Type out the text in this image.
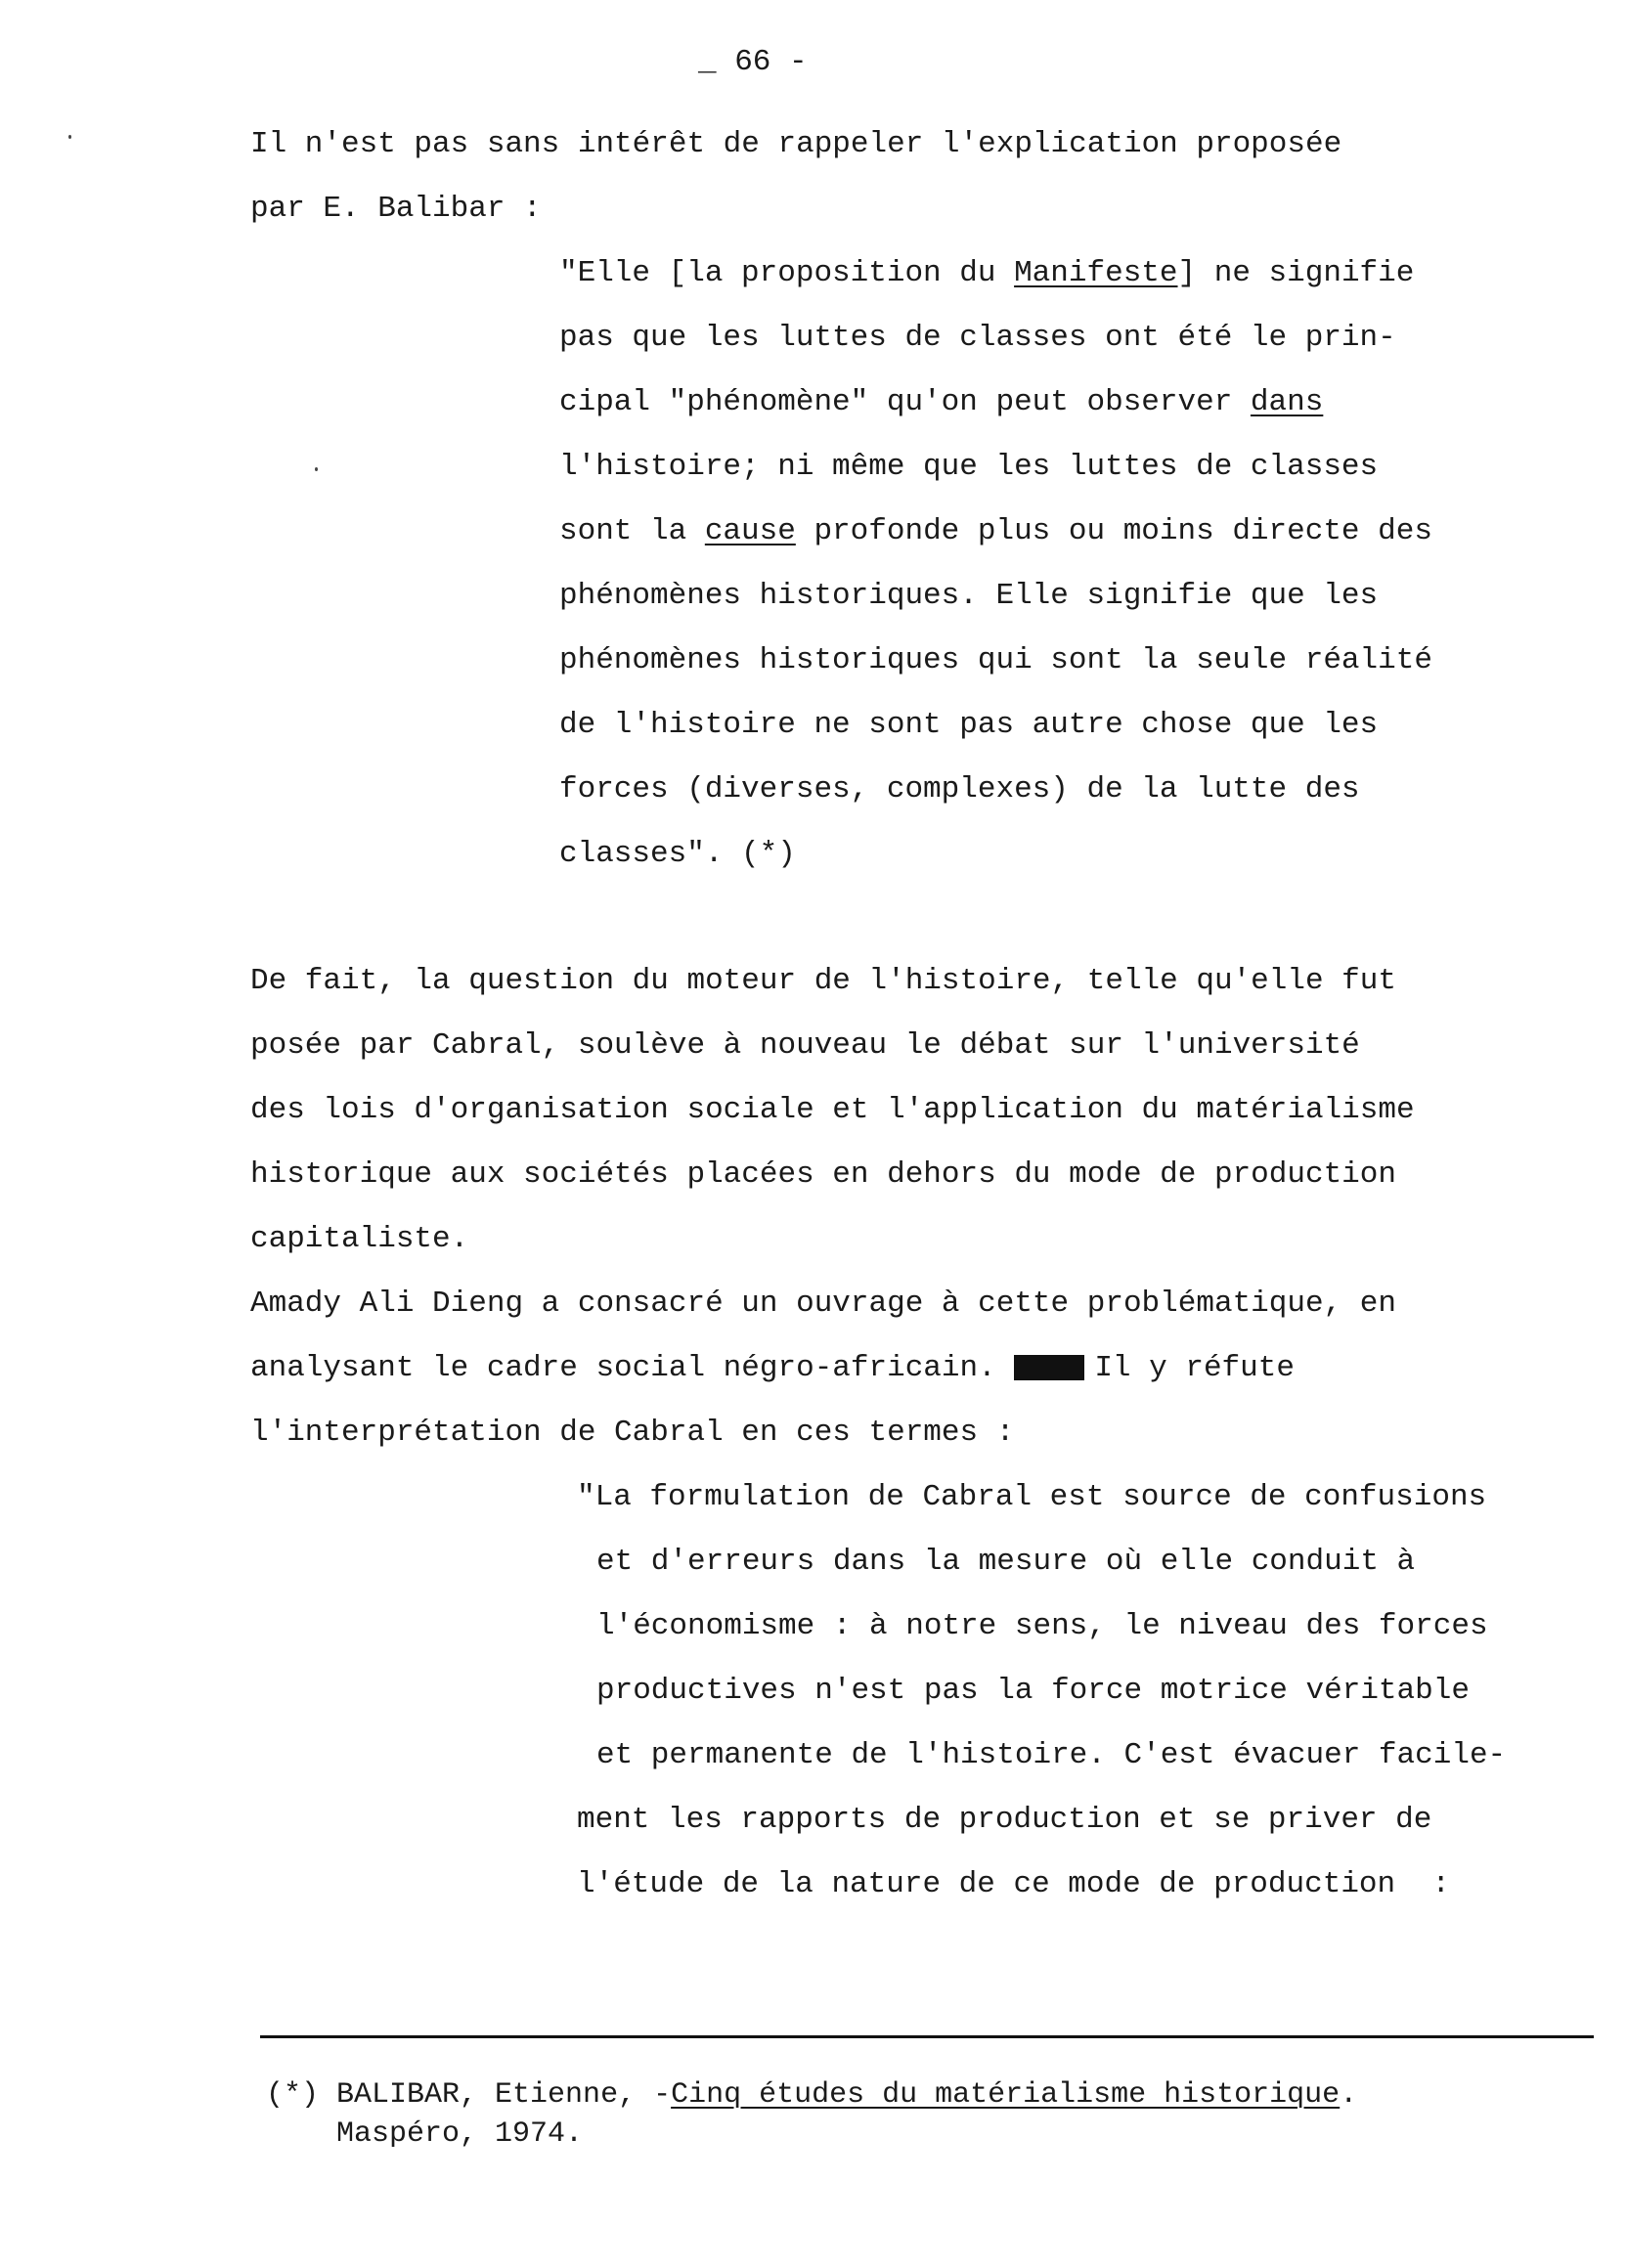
_ 66 -
Il n'est pas sans intérêt de rappeler l'explication proposée
par E. Balibar :
"Elle [la proposition du Manifeste] ne signifie
pas que les luttes de classes ont été le prin-
cipal "phénomène" qu'on peut observer dans
l'histoire; ni même que les luttes de classes
sont la cause profonde plus ou moins directe des
phénomènes historiques. Elle signifie que les
phénomènes historiques qui sont la seule réalité
de l'histoire ne sont pas autre chose que les
forces (diverses, complexes) de la lutte des
classes". (*)
De fait, la question du moteur de l'histoire, telle qu'elle fut
posée par Cabral, soulève à nouveau le débat sur l'université
des lois d'organisation sociale et l'application du matérialisme
historique aux sociétés placées en dehors du mode de production
capitaliste.
Amady Ali Dieng a consacré un ouvrage à cette problématique, en
analysant le cadre social négro-africain.	Il y réfute
l'interprétation de Cabral en ces termes :
"La formulation de Cabral est source de confusions
et d'erreurs dans la mesure où elle conduit à
l'économisme : à notre sens, le niveau des forces
productives n'est pas la force motrice véritable
et permanente de l'histoire. C'est évacuer facile-
ment les rapports de production et se priver de
l'étude de la nature de ce mode de production  :
(*) BALIBAR, Etienne, -Cinq études du matérialisme historique.
Maspéro, 1974.
